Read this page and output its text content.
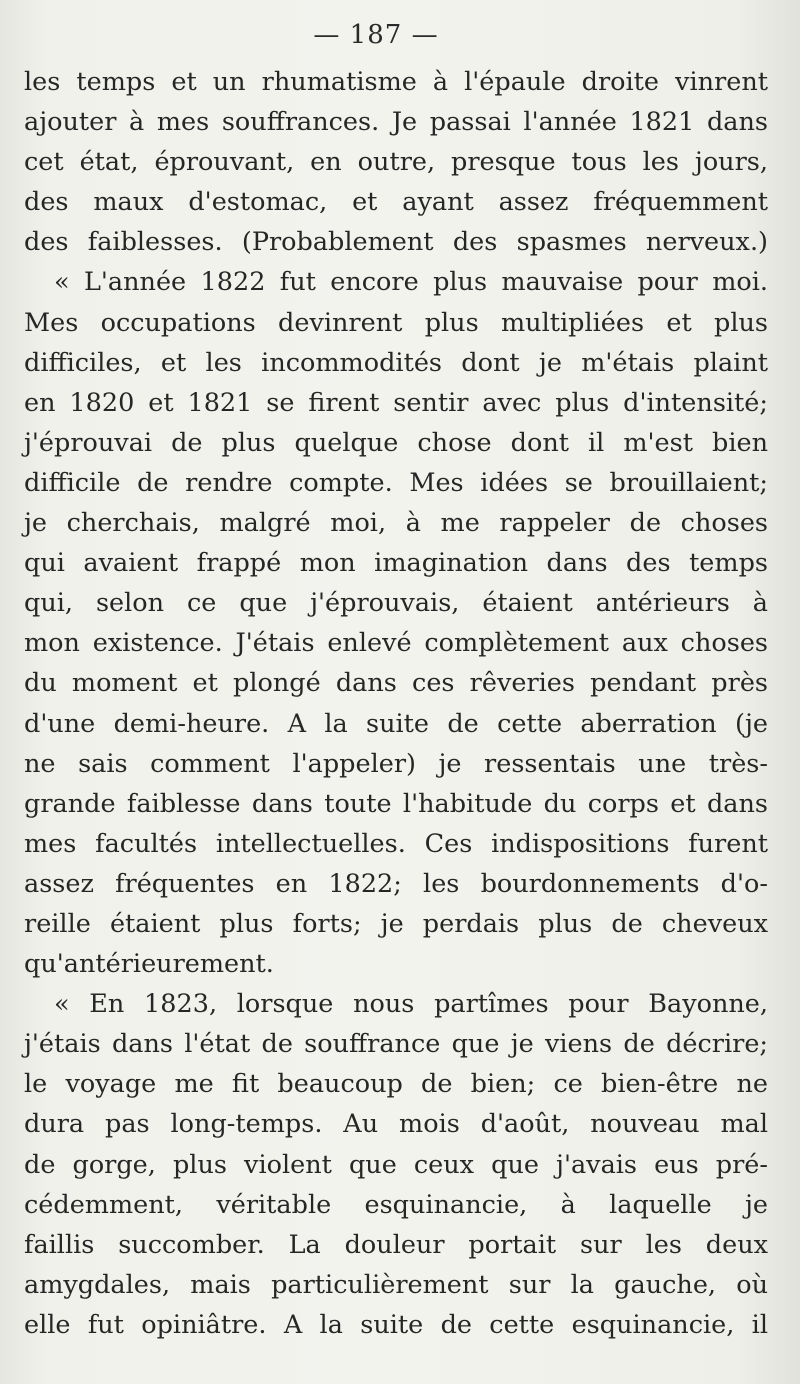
— 187 —
les temps et un rhumatisme à l'épaule droite vinrent
ajouter à mes souffrances. Je passai l'année 1821 dans
cet état, éprouvant, en outre, presque tous les jours,
des maux d'estomac, et ayant assez fréquemment
des faiblesses. (Probablement des spasmes nerveux.)
« L'année 1822 fut encore plus mauvaise pour moi.
Mes occupations devinrent plus multipliées et plus
difficiles, et les incommodités dont je m'étais plaint
en 1820 et 1821 se firent sentir avec plus d'intensité;
j'éprouvai de plus quelque chose dont il m'est bien
difficile de rendre compte. Mes idées se brouillaient;
je cherchais, malgré moi, à me rappeler de choses
qui avaient frappé mon imagination dans des temps
qui, selon ce que j'éprouvais, étaient antérieurs à
mon existence. J'étais enlevé complètement aux choses
du moment et plongé dans ces rêveries pendant près
d'une demi-heure. A la suite de cette aberration (je
ne sais comment l'appeler) je ressentais une très-
grande faiblesse dans toute l'habitude du corps et dans
mes facultés intellectuelles. Ces indispositions furent
assez fréquentes en 1822; les bourdonnements d'o-
reille étaient plus forts; je perdais plus de cheveux
qu'antérieurement.
« En 1823, lorsque nous partîmes pour Bayonne,
j'étais dans l'état de souffrance que je viens de décrire;
le voyage me fit beaucoup de bien; ce bien-être ne
dura pas long-temps. Au mois d'août, nouveau mal
de gorge, plus violent que ceux que j'avais eus pré-
cédemment, véritable esquinancie, à laquelle je
faillis succomber. La douleur portait sur les deux
amygdales, mais particulièrement sur la gauche, où
elle fut opiniâtre. A la suite de cette esquinancie, il
